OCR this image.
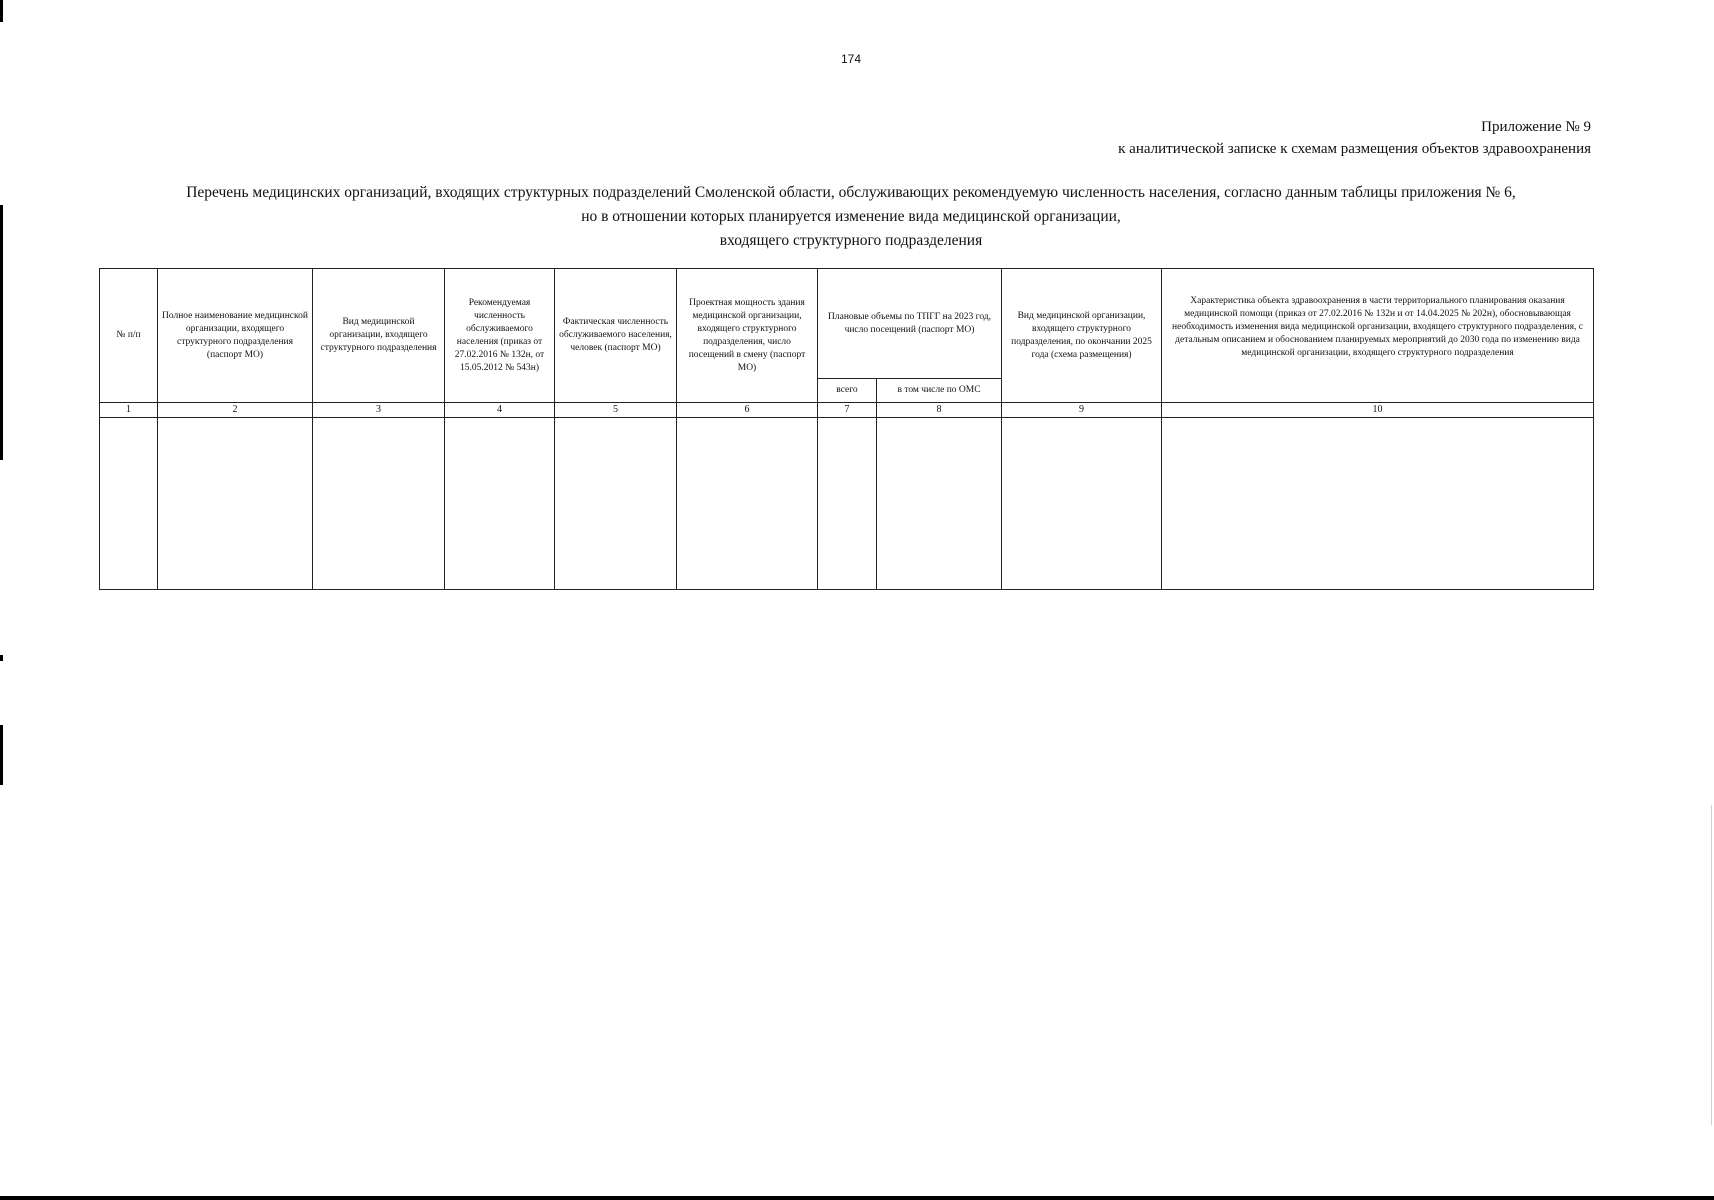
174
Приложение № 9
к аналитической записке к схемам размещения объектов здравоохранения
Перечень медицинских организаций, входящих структурных подразделений Смоленской области, обслуживающих рекомендуемую численность населения, согласно данным таблицы приложения № 6,
но в отношении которых планируется изменение вида медицинской организации,
входящего структурного подразделения
№ п/п	Полное наименование медицинской организации, входящего структурного подразделения (паспорт МО)	Вид медицинской организации, входящего структурного подразделения	Рекомендуемая численность обслуживаемого населения (приказ от 27.02.2016 № 132н, от 15.05.2012 № 543н)	Фактическая численность обслуживаемого населения, человек (паспорт МО)	Проектная мощность здания медицинской организации, входящего структурного подразделения, число посещений в смену (паспорт МО)	Плановые объемы по ТПГГ на 2023 год, число посещений (паспорт МО)		Вид медицинской организации, входящего структурного подразделения, по окончании 2025 года (схема размещения)	Характеристика объекта здравоохранения в части территориального планирования оказания медицинской помощи (приказ от 27.02.2016 № 132н и от 14.04.2025 № 202н), обосновывающая необходимость изменения вида медицинской организации, входящего структурного подразделения, с детальным описанием и обоснованием планируемых мероприятий до 2030 года по изменению вида медицинской организации, входящего структурного подразделения
						всего	в том числе по ОМС		
1	2	3	4	5	6	7	8	9	10
